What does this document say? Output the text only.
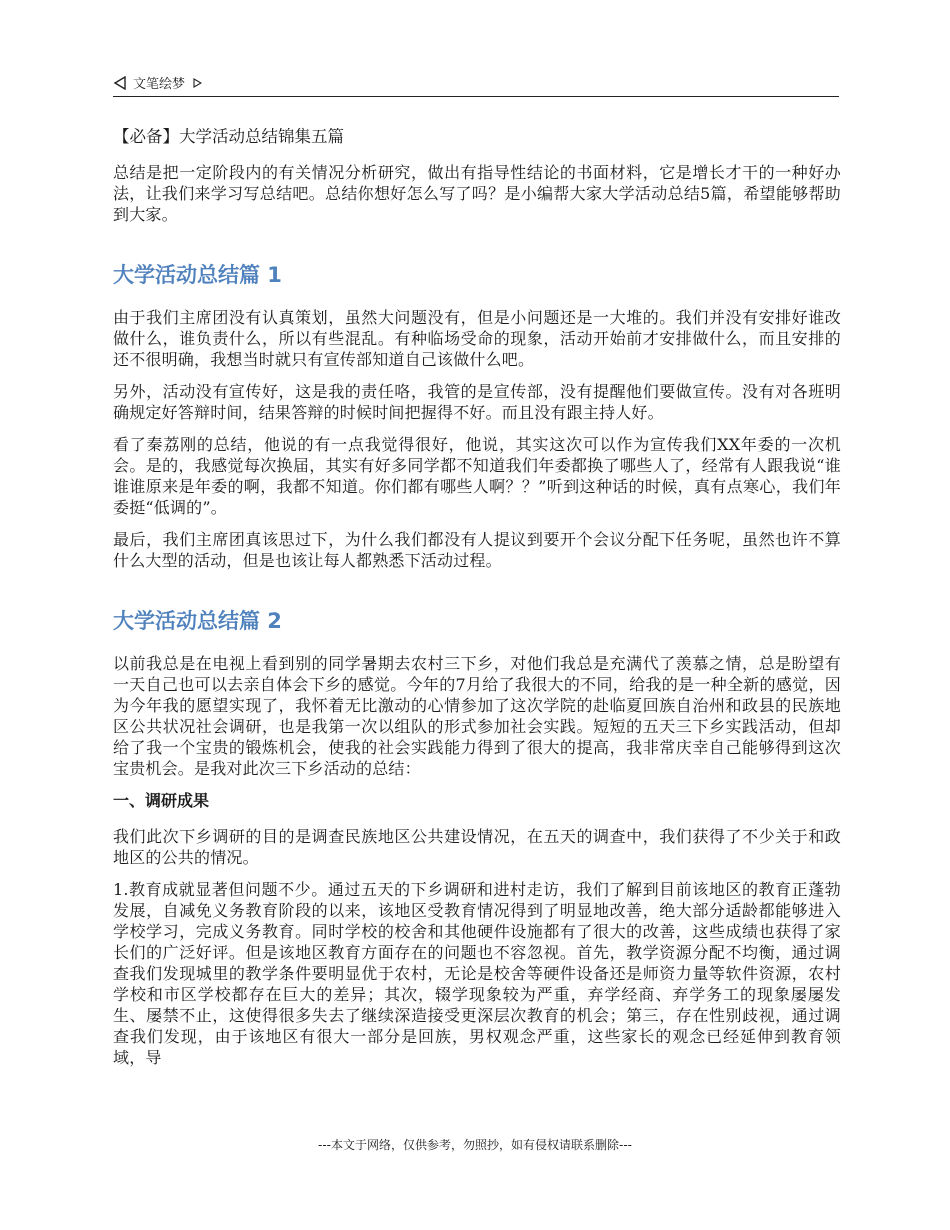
文笔绘梦
【必备】大学活动总结锦集五篇

总结是把一定阶段内的有关情况分析研究，做出有指导性结论的书面材料，它是增长才干的一种好办法，让我们来学习写总结吧。总结你想好怎么写了吗？是小编帮大家大学活动总结5篇，希望能够帮助到大家。

大学活动总结篇 1

由于我们主席团没有认真策划，虽然大问题没有，但是小问题还是一大堆的。我们并没有安排好谁改做什么，谁负责什么，所以有些混乱。有种临场受命的现象，活动开始前才安排做什么，而且安排的还不很明确，我想当时就只有宣传部知道自己该做什么吧。

另外，活动没有宣传好，这是我的责任咯，我管的是宣传部，没有提醒他们要做宣传。没有对各班明确规定好答辩时间，结果答辩的时候时间把握得不好。而且没有跟主持人好。

看了秦荔刚的总结，他说的有一点我觉得很好，他说，其实这次可以作为宣传我们XX年委的一次机会。是的，我感觉每次换届，其实有好多同学都不知道我们年委都换了哪些人了，经常有人跟我说“谁谁谁原来是年委的啊，我都不知道。你们都有哪些人啊？？”听到这种话的时候，真有点寒心，我们年委挺“低调的”。

最后，我们主席团真该思过下，为什么我们都没有人提议到要开个会议分配下任务呢，虽然也许不算什么大型的活动，但是也该让每人都熟悉下活动过程。

大学活动总结篇 2

以前我总是在电视上看到别的同学暑期去农村三下乡，对他们我总是充满代了羡慕之情，总是盼望有一天自己也可以去亲自体会下乡的感觉。今年的7月给了我很大的不同，给我的是一种全新的感觉，因为今年我的愿望实现了，我怀着无比激动的心情参加了这次学院的赴临夏回族自治州和政县的民族地区公共状况社会调研，也是我第一次以组队的形式参加社会实践。短短的五天三下乡实践活动，但却给了我一个宝贵的锻炼机会，使我的社会实践能力得到了很大的提高，我非常庆幸自己能够得到这次宝贵机会。是我对此次三下乡活动的总结：

一、调研成果

我们此次下乡调研的目的是调查民族地区公共建设情况，在五天的调查中，我们获得了不少关于和政地区的公共的情况。

1.教育成就显著但问题不少。通过五天的下乡调研和进村走访，我们了解到目前该地区的教育正蓬勃发展，自减免义务教育阶段的以来，该地区受教育情况得到了明显地改善，绝大部分适龄都能够进入学校学习，完成义务教育。同时学校的校舍和其他硬件设施都有了很大的改善，这些成绩也获得了家长们的广泛好评。但是该地区教育方面存在的问题也不容忽视。首先，教学资源分配不均衡，通过调查我们发现城里的教学条件要明显优于农村，无论是校舍等硬件设备还是师资力量等软件资源，农村学校和市区学校都存在巨大的差异；其次，辍学现象较为严重，弃学经商、弃学务工的现象屡屡发生、屡禁不止，这使得很多失去了继续深造接受更深层次教育的机会；第三，存在性别歧视，通过调查我们发现，由于该地区有很大一部分是回族，男权观念严重，这些家长的观念已经延伸到教育领域，导

---本文于网络，仅供参考，勿照抄，如有侵权请联系删除---
